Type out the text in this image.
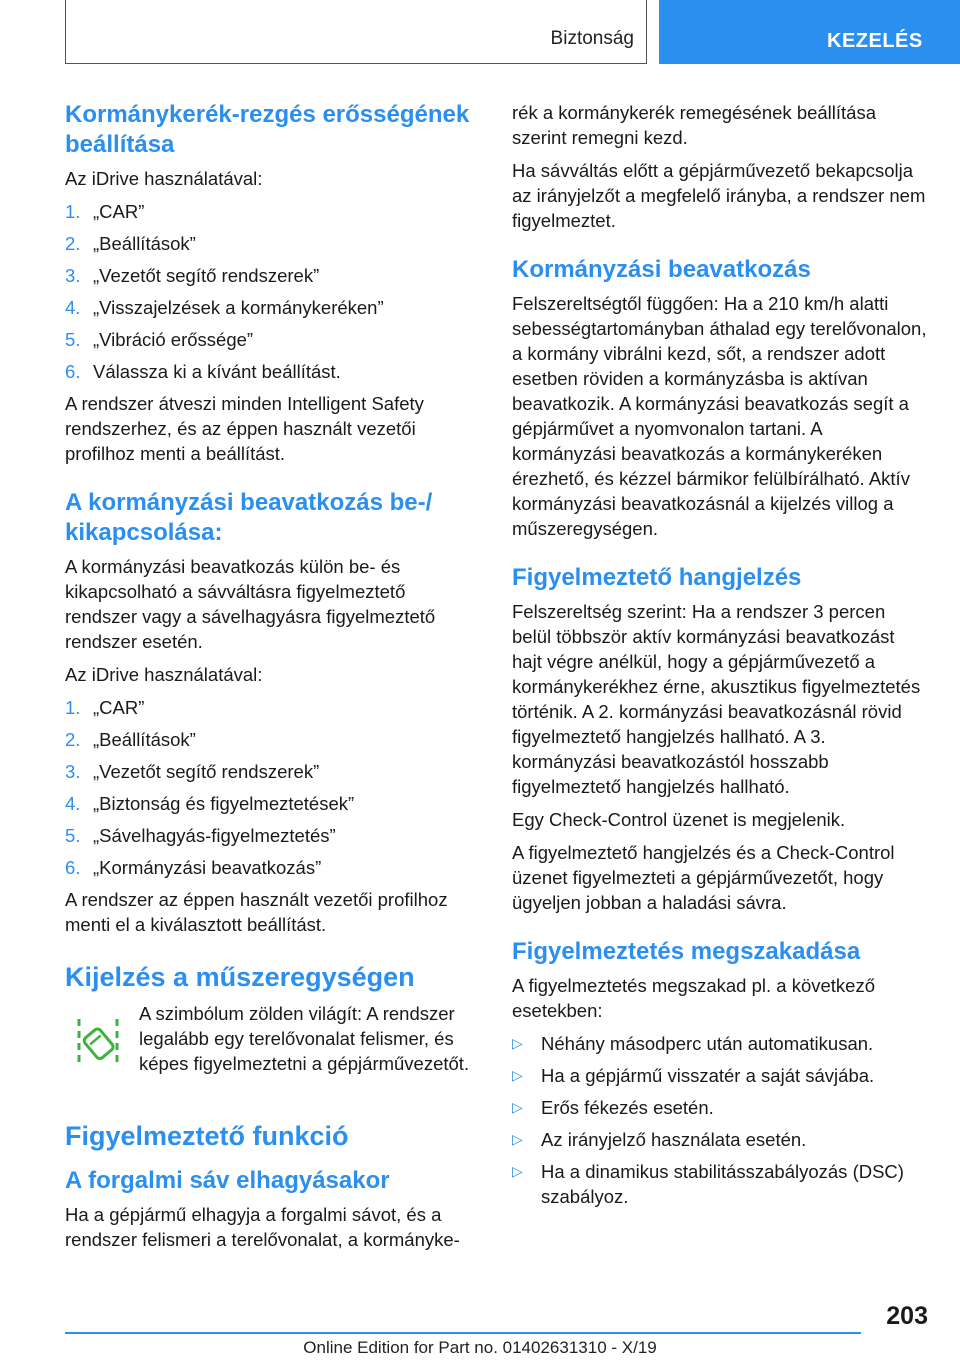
Biztonság	KEZELÉS
Kormánykerék-rezgés erősségének beállítása

Az iDrive használatával:

1. „CAR”
2. „Beállítások”
3. „Vezetőt segítő rendszerek”
4. „Visszajelzések a kormánykeréken”
5. „Vibráció erőssége”
6. Válassza ki a kívánt beállítást.

A rendszer átveszi minden Intelligent Safety rendszerhez, és az éppen használt vezetői profilhoz menti a beállítást.

A kormányzási beavatkozás be-/ kikapcsolása:

A kormányzási beavatkozás külön be- és kikapcsolható a sávváltásra figyelmeztető rendszer vagy a sávelhagyásra figyelmeztető rendszer esetén.

Az iDrive használatával:

1. „CAR”
2. „Beállítások”
3. „Vezetőt segítő rendszerek”
4. „Biztonság és figyelmeztetések”
5. „Sávelhagyás-figyelmeztetés”
6. „Kormányzási beavatkozás”

A rendszer az éppen használt vezetői profilhoz menti el a kiválasztott beállítást.

Kijelzés a műszeregységen

A szimbólum zölden világít: A rendszer legalább egy terelővonalat felismer, és képes figyelmeztetni a gépjárművezetőt.

Figyelmeztető funkció
A forgalmi sáv elhagyásakor

Ha a gépjármű elhagyja a forgalmi sávot, és a rendszer felismeri a terelővonalat, a kormányke-

rék a kormánykerék remegésének beállítása szerint remegni kezd.

Ha sávváltás előtt a gépjárművezető bekapcsolja az irányjelzőt a megfelelő irányba, a rendszer nem figyelmeztet.

Kormányzási beavatkozás

Felszereltségtől függően: Ha a 210 km/h alatti sebességtartományban áthalad egy terelővonalon, a kormány vibrálni kezd, sőt, a rendszer adott esetben röviden a kormányzásba is aktívan beavatkozik. A kormányzási beavatkozás segít a gépjárművet a nyomvonalon tartani. A kormányzási beavatkozás a kormánykeréken érezhető, és kézzel bármikor felülbírálható. Aktív kormányzási beavatkozásnál a kijelzés villog a műszeregységen.

Figyelmeztető hangjelzés

Felszereltség szerint: Ha a rendszer 3 percen belül többször aktív kormányzási beavatkozást hajt végre anélkül, hogy a gépjárművezető a kormánykerékhez érne, akusztikus figyelmeztetés történik. A 2. kormányzási beavatkozásnál rövid figyelmeztető hangjelzés hallható. A 3. kormányzási beavatkozástól hosszabb figyelmeztető hangjelzés hallható.

Egy Check-Control üzenet is megjelenik.

A figyelmeztető hangjelzés és a Check-Control üzenet figyelmezteti a gépjárművezetőt, hogy ügyeljen jobban a haladási sávra.

Figyelmeztetés megszakadása

A figyelmeztetés megszakad pl. a következő esetekben:

▷ Néhány másodperc után automatikusan.
▷ Ha a gépjármű visszatér a saját sávjába.
▷ Erős fékezés esetén.
▷ Az irányjelző használata esetén.
▷ Ha a dinamikus stabilitásszabályozás (DSC) szabályoz.
203
Online Edition for Part no. 01402631310 - X/19
